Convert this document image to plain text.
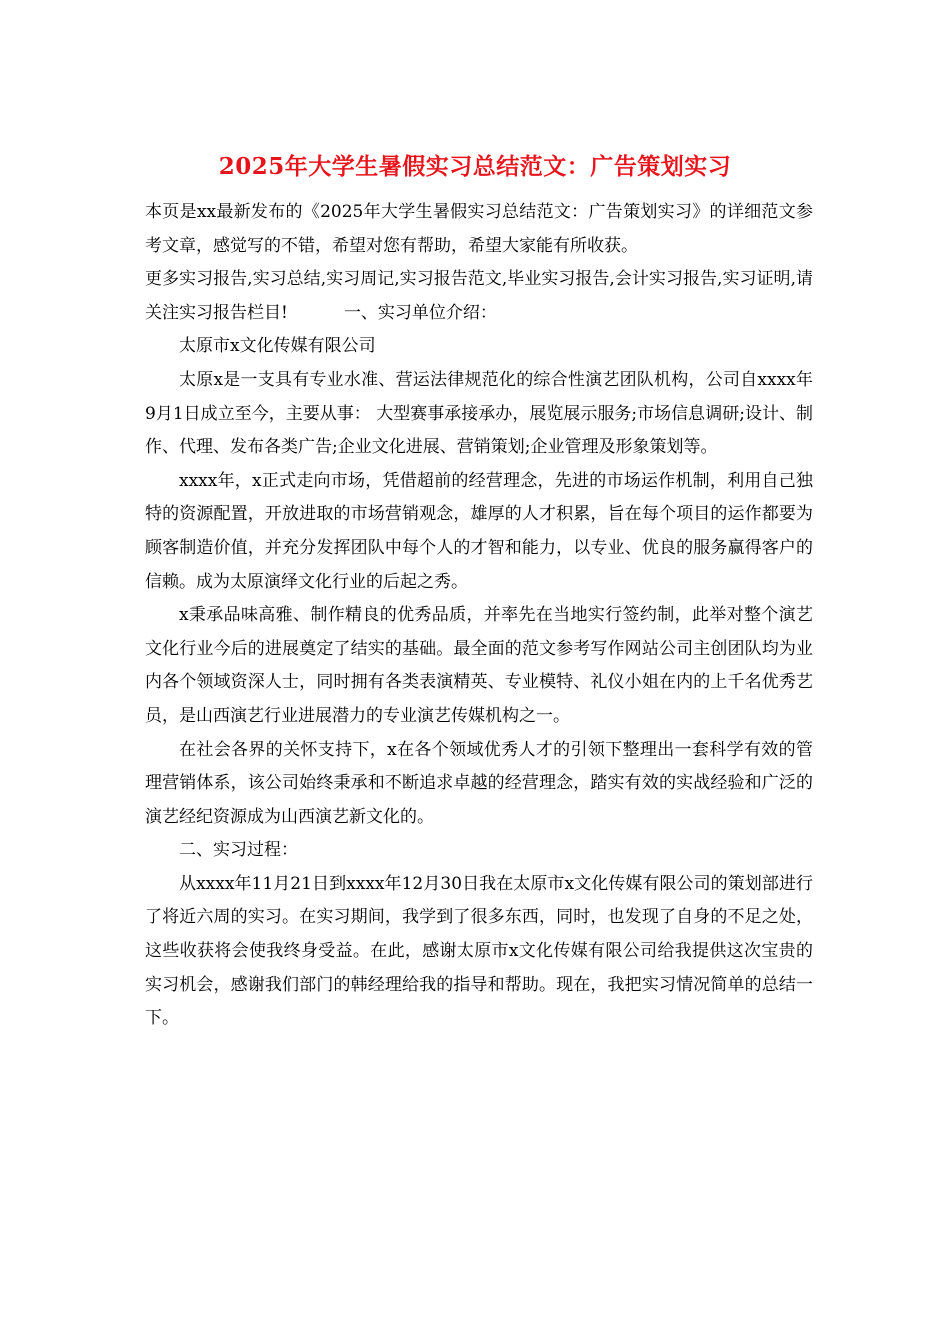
2025年大学生暑假实习总结范文：广告策划实习

本页是xx最新发布的《2025年大学生暑假实习总结范文：广告策划实习》的详细范文参考文章，感觉写的不错，希望对您有帮助，希望大家能有所收获。

更多实习报告,实习总结,实习周记,实习报告范文,毕业实习报告,会计实习报告,实习证明,请关注实习报告栏目!	一、实习单位介绍：

太原市x文化传媒有限公司

太原x是一支具有专业水准、营运法律规范化的综合性演艺团队机构，公司自xxxx年9月1日成立至今，主要从事： 大型赛事承接承办，展览展示服务;市场信息调研;设计、制作、代理、发布各类广告;企业文化进展、营销策划;企业管理及形象策划等。

xxxx年，x正式走向市场，凭借超前的经营理念，先进的市场运作机制，利用自己独特的资源配置，开放进取的市场营销观念，雄厚的人才积累，旨在每个项目的运作都要为顾客制造价值，并充分发挥团队中每个人的才智和能力，以专业、优良的服务赢得客户的信赖。成为太原演绎文化行业的后起之秀。

x秉承品味高雅、制作精良的优秀品质，并率先在当地实行签约制，此举对整个演艺文化行业今后的进展奠定了结实的基础。最全面的范文参考写作网站公司主创团队均为业内各个领域资深人士，同时拥有各类表演精英、专业模特、礼仪小姐在内的上千名优秀艺员，是山西演艺行业进展潜力的专业演艺传媒机构之一。

在社会各界的关怀支持下，x在各个领域优秀人才的引领下整理出一套科学有效的管理营销体系，该公司始终秉承和不断追求卓越的经营理念，踏实有效的实战经验和广泛的演艺经纪资源成为山西演艺新文化的。

二、实习过程：

从xxxx年11月21日到xxxx年12月30日我在太原市x文化传媒有限公司的策划部进行了将近六周的实习。在实习期间，我学到了很多东西，同时，也发现了自身的不足之处，这些收获将会使我终身受益。在此，感谢太原市x文化传媒有限公司给我提供这次宝贵的实习机会，感谢我们部门的韩经理给我的指导和帮助。现在，我把实习情况简单的总结一下。
